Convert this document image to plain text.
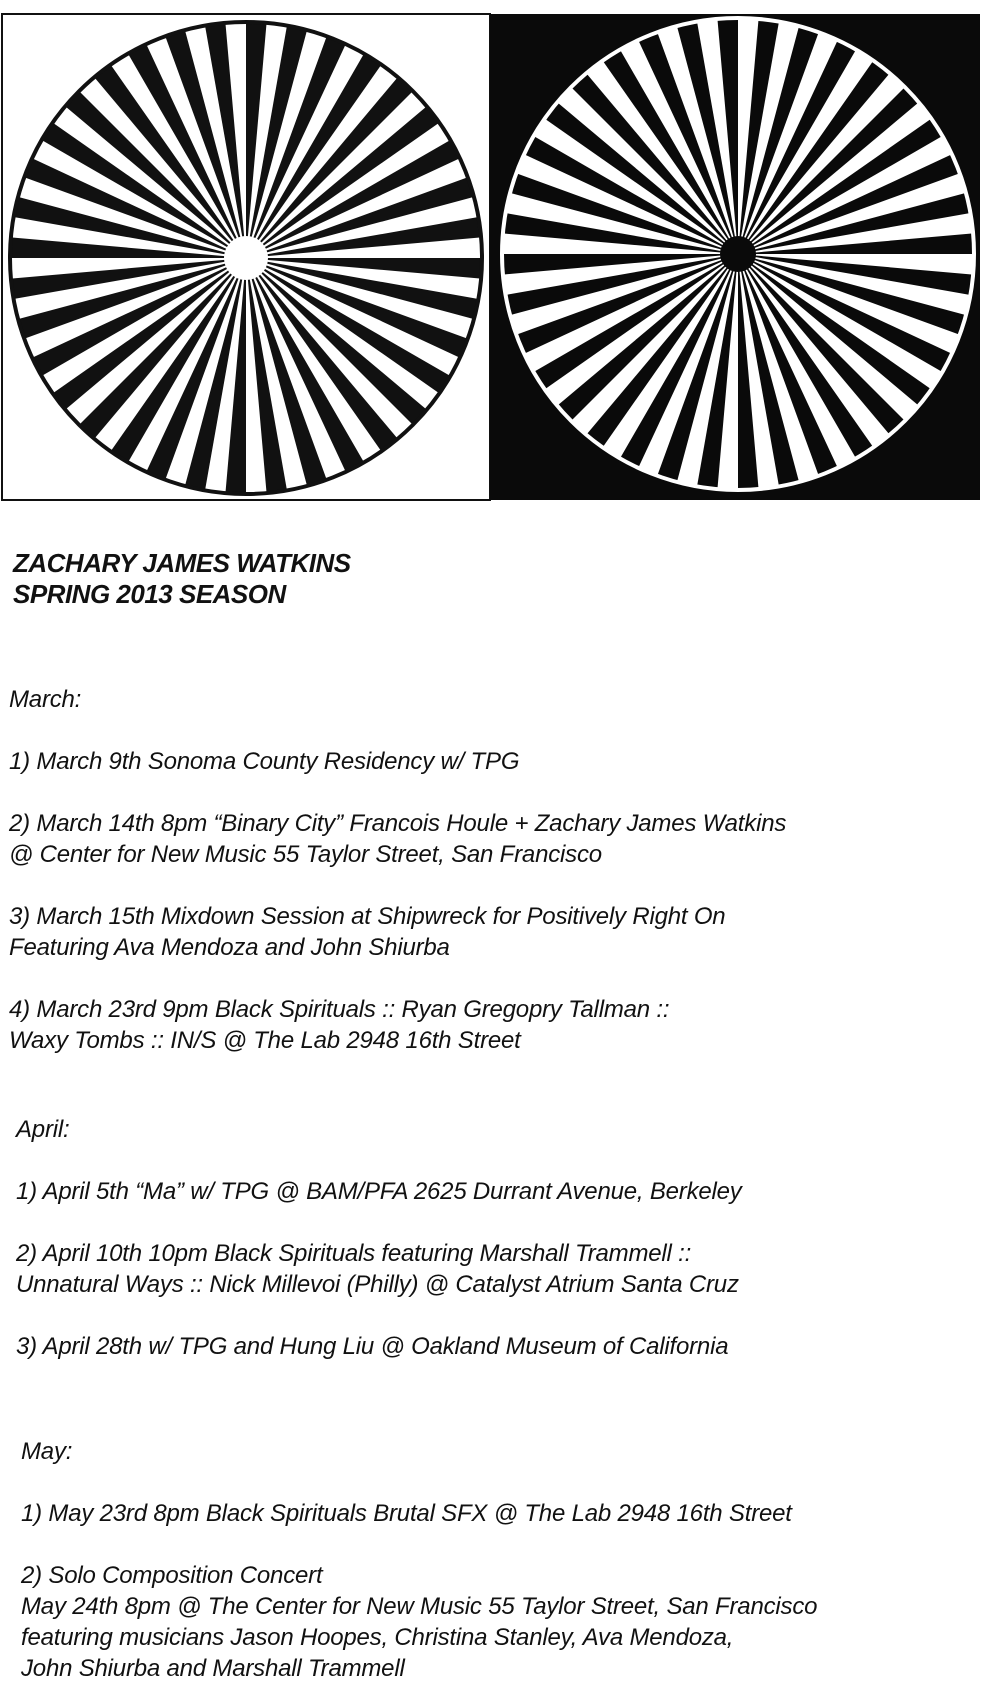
ZACHARY JAMES WATKINS
SPRING 2013 SEASON
March:
1) March 9th Sonoma County Residency w/ TPG
2) March 14th 8pm “Binary City” Francois Houle + Zachary James Watkins
@ Center for New Music 55 Taylor Street, San Francisco
3) March 15th Mixdown Session at Shipwreck for Positively Right On
Featuring Ava Mendoza and John Shiurba
4) March 23rd 9pm Black Spirituals :: Ryan Gregopry Tallman ::
Waxy Tombs :: IN/S @ The Lab 2948 16th Street
April:
1) April 5th “Ma” w/ TPG @ BAM/PFA 2625 Durrant Avenue, Berkeley
2) April 10th 10pm Black Spirituals featuring Marshall Trammell ::
Unnatural Ways :: Nick Millevoi (Philly) @ Catalyst Atrium Santa Cruz
3) April 28th w/ TPG and Hung Liu @ Oakland Museum of California
May:
1) May 23rd 8pm Black Spirituals Brutal SFX @ The Lab 2948 16th Street
2) Solo Composition Concert
May 24th 8pm @ The Center for New Music 55 Taylor Street, San Francisco
featuring musicians Jason Hoopes, Christina Stanley, Ava Mendoza,
John Shiurba and Marshall Trammell
